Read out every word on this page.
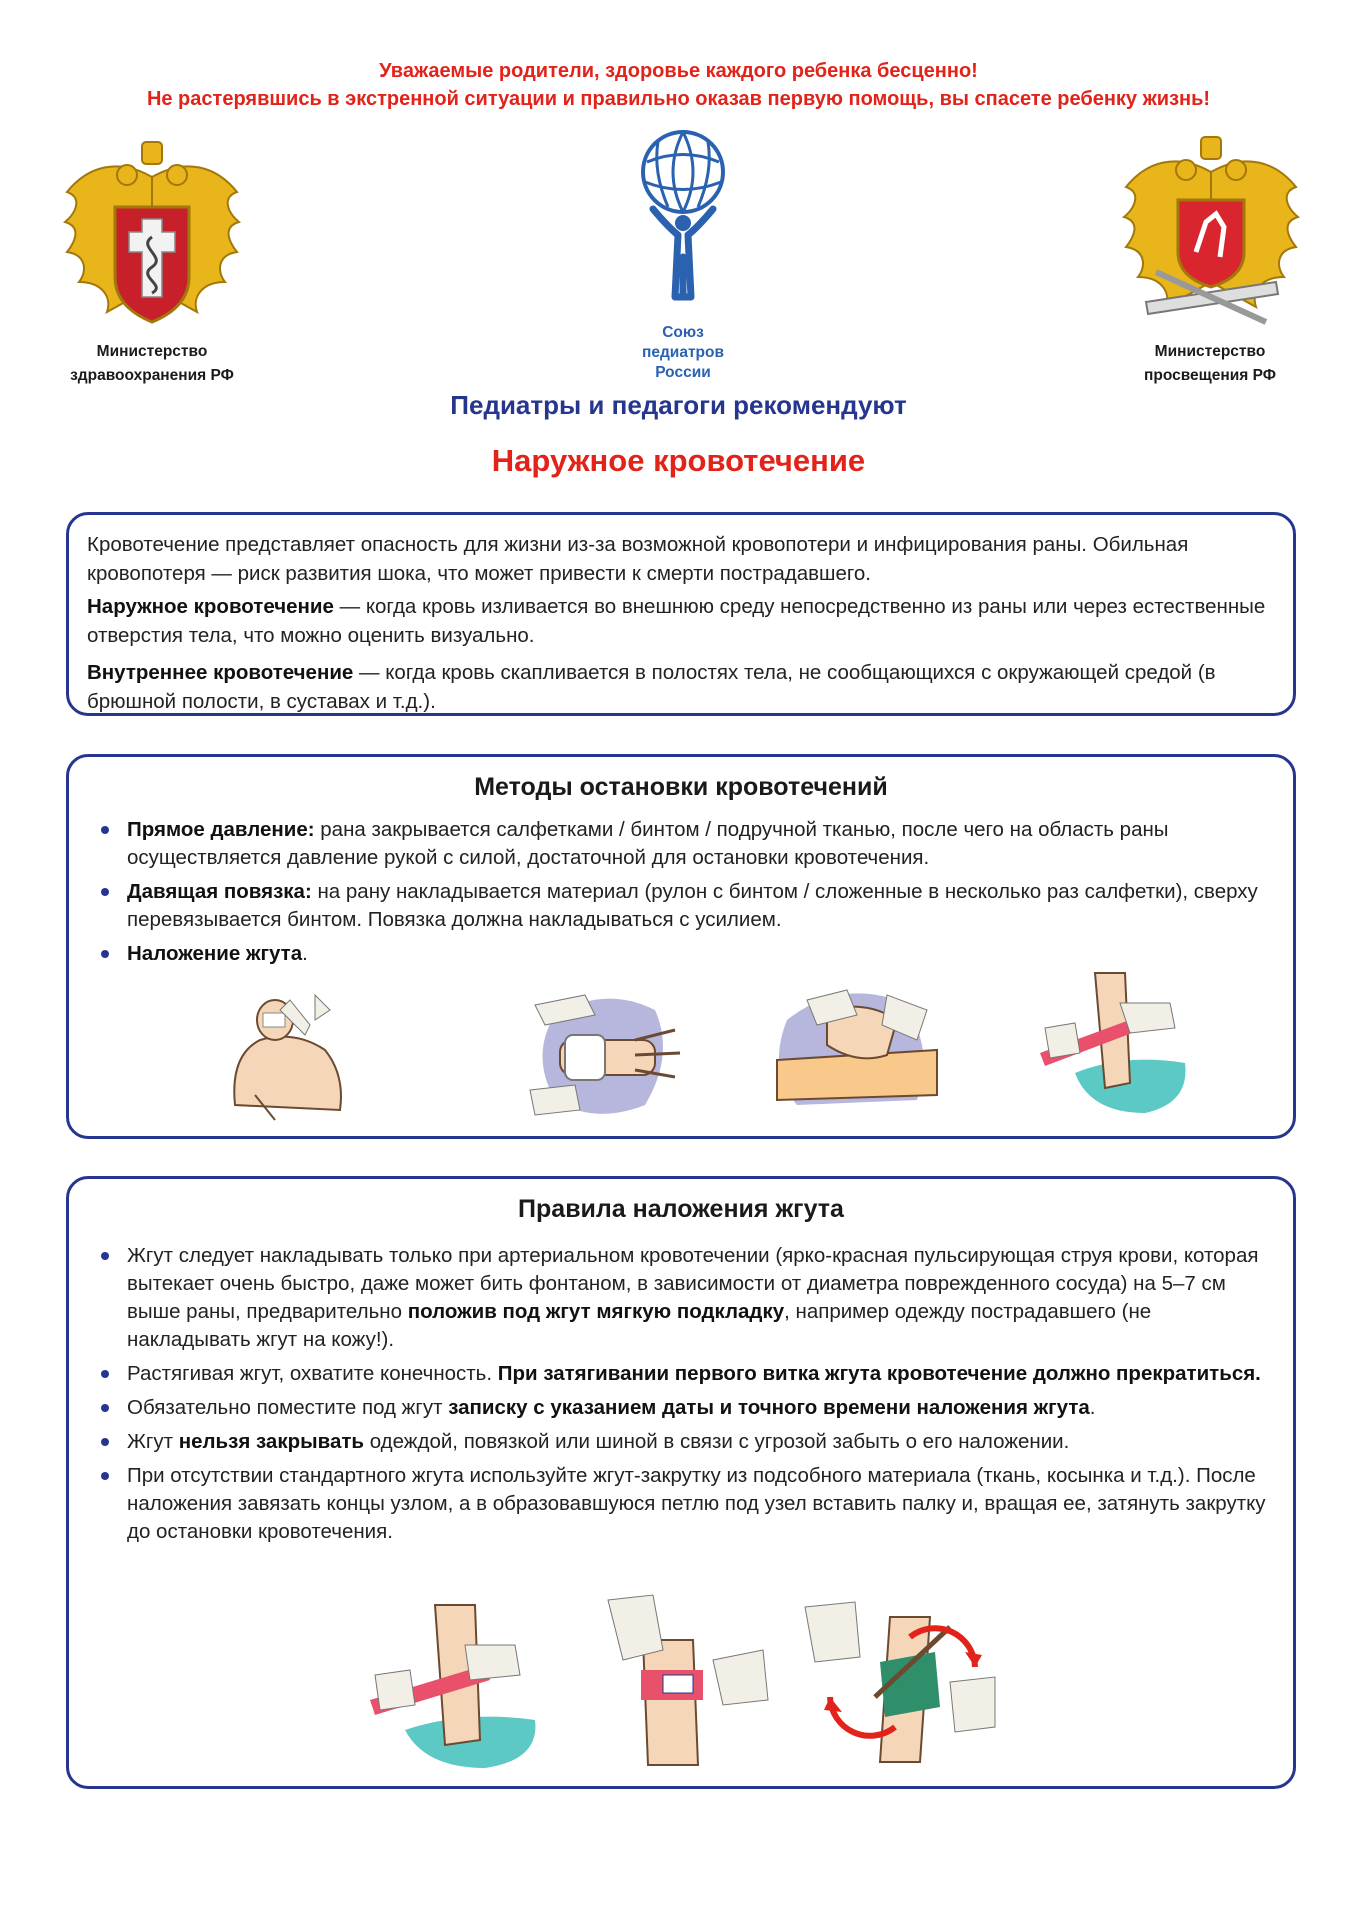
Уважаемые родители, здоровье каждого ребенка бесценно!
Не растерявшись в экстренной ситуации и правильно оказав первую помощь, вы спасете ребенку жизнь!
Министерство
здравоохранения РФ
Союз
педиатров
России
Министерство
просвещения РФ
Педиатры и педагоги рекомендуют
Наружное кровотечение

Кровотечение представляет опасность для жизни из-за возможной кровопотери и инфицирования раны. Обильная кровопотеря — риск развития шока, что может привести к смерти пострадавшего.

Наружное кровотечение — когда кровь изливается во внешнюю среду непосредственно из раны или через естественные отверстия тела, что можно оценить визуально.

Внутреннее кровотечение — когда кровь скапливается в полостях тела, не сообщающихся с окружающей средой (в брюшной полости, в суставах и т.д.).

Методы остановки кровотечений
Прямое давление: рана закрывается салфетками / бинтом / подручной тканью, после чего на область раны осуществляется давление рукой с силой, достаточной для остановки кровотечения.
Давящая повязка: на рану накладывается материал (рулон с бинтом / сложенные в несколько раз салфетки), сверху перевязывается бинтом. Повязка должна накладываться с усилием.
Наложение жгута.
Правила наложения жгута
Жгут следует накладывать только при артериальном кровотечении (ярко-красная пульсирующая струя крови, которая вытекает очень быстро, даже может бить фонтаном, в зависимости от диаметра поврежденного сосуда) на 5–7 см выше раны, предварительно положив под жгут мягкую подкладку, например одежду пострадавшего (не накладывать жгут на кожу!).
Растягивая жгут, охватите конечность. При затягивании первого витка жгута кровотечение должно прекратиться.
Обязательно поместите под жгут записку с указанием даты и точного времени наложения жгута.
Жгут нельзя закрывать одеждой, повязкой или шиной в связи с угрозой забыть о его наложении.
При отсутствии стандартного жгута используйте жгут-закрутку из подсобного материала (ткань, косынка и т.д.). После наложения завязать концы узлом, а в образовавшуюся петлю под узел вставить палку и, вращая ее, затянуть закрутку до остановки кровотечения.
